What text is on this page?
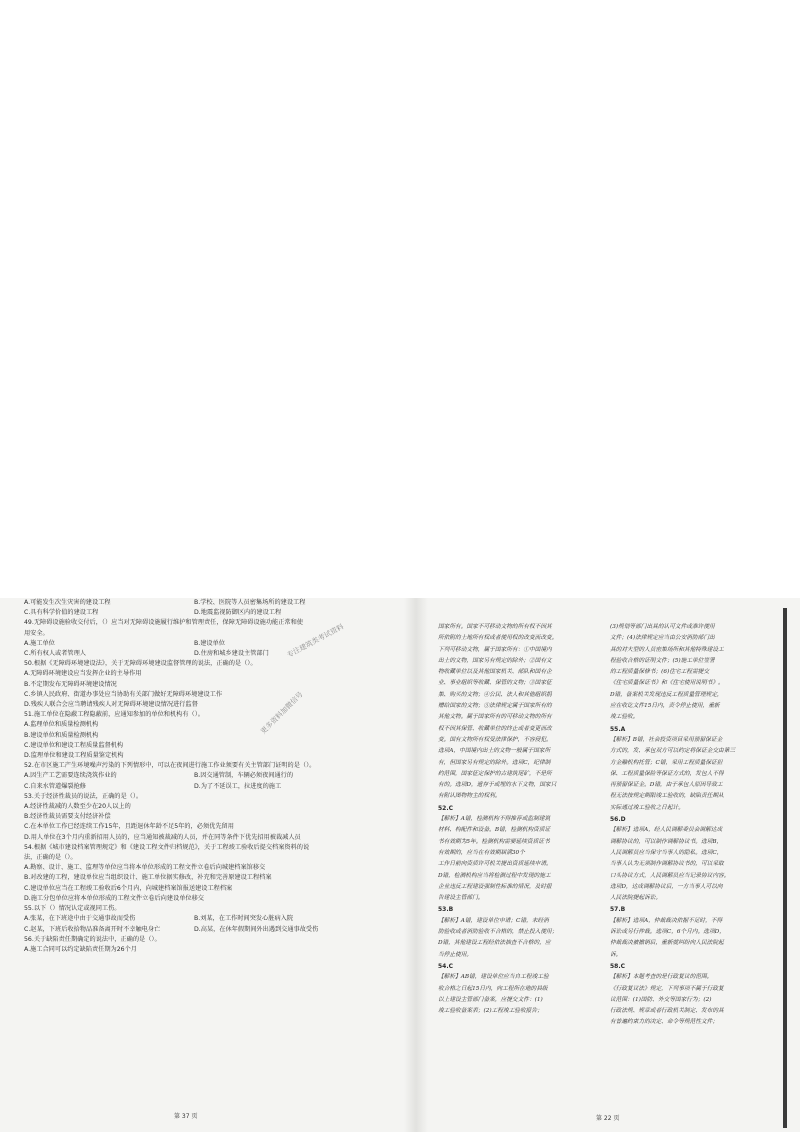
A.可能发生次生灾害的建设工程	B.学校、医院等人员密集场所的建设工程
C.具有科学价值的建设工程	D.地震监视防御区内的建设工程
49.无障碍设施验收交付后，（）应当对无障碍设施履行维护和管理责任，保障无障碍设施功能正常和使
用安全。
A.施工单位	B.建设单位
C.所有权人或者管理人	D.住房和城乡建设主管部门
50.根据《无障碍环境建设法》，关于无障碍环境建设监督管理的说法，正确的是（）。
A.无障碍环境建设应当发挥企业的主导作用
B.不定期发布无障碍环境建设情况
C.乡镇人民政府、街道办事处应当协助有关部门做好无障碍环境建设工作
D.残疾人联合会应当聘请残疾人对无障碍环境建设情况进行监督
51.施工单位在隐蔽工程隐蔽前，应通知参加的单位和机构有（）。
A.监理单位和质量检测机构
B.建设单位和质量检测机构
C.建设单位和建设工程质量监督机构
D.监理单位和建设工程质量鉴定机构
52.在市区施工产生环境噪声污染的下列情形中，可以在夜间进行施工作业须要有关主管部门证明的是（）。
A.因生产工艺需要连续浇筑作业的	B.因交通管制，车辆必须夜间通行的
C.自来水管道爆裂抢修	D.为了不延误工，拉进度的施工
53.关于经济性裁员的说法，正确的是（）。
A.经济性裁减的人数至少在20人以上的
B.经济性裁员需要支付经济补偿
C.在本单位工作已经连续工作15年，且距退休年龄不足5年的，必须优先留用
D.用人单位在3个月内重新招用人员的，应当通知被裁减的人员，并在同等条件下优先招用被裁减人员
54.根据《城市建设档案管理规定》和《建设工程文件归档规范》，关于工程竣工验收后提交档案资料的说
法，正确的是（）。
A.勘察、设计、施工、监理等单位应当将本单位形成的工程文件立卷后向城建档案馆移交
B.对改建的工程，建设单位应当组织设计、施工单位据实修改，补充和完善原建设工程档案
C.建设单位应当在工程竣工验收后6个月内，向城建档案馆报送建设工程档案
D.施工分包单位应将本单位形成的工程文件立卷后向建设单位移交
55.以下（）情况认定或视同工伤。
A.张某，在下班途中由于交通事故而受伤	B.刘某，在工作时间突发心脏病入院
C.赵某，下班后收拾物品准备离开时不幸触电身亡	D.高某，在休年假期间外出遇到交通事故受伤
56.关于缺陷责任期确定的说法中，正确的是（）。
A.施工合同可以约定缺陷责任期为26个月
更多资料加微信号
专注建筑类考试资料
第 37 页
国家所有。国家不可移动文物的所有权不因其
所依附的土地所有权或者使用权的改变而改变。
下列可移动文物，属于国家所有：①中国境内
出土的文物，国家另有规定的除外；②国有文
物收藏单位以及其他国家机关、部队和国有企
业、事业组织等收藏、保管的文物；③国家征
集、购买的文物；④公民、法人和其他组织捐
赠给国家的文物；⑤法律规定属于国家所有的
其他文物。属于国家所有的可移动文物的所有
权不因其保管、收藏单位的终止或者变更而改
变。国有文物所有权受法律保护，不容侵犯。
选项A，中国境内出土的文物一般属于国家所
有，但国家另有规定的除外。选项C，纪律制
约范围，国家征定保护的古建筑尾矿，不是所
有的。选项D，遗存于或埋的水下文物，国家只
有附认图物物主的权利。
52.C
【解析】A错，检测机构不得推荐或监制建筑
材料、构配件和设备。B错，检测机构资质证
书有效期为5年。检测机构需要延续资质证书
有效期的，应当在有效期届满30个
工作日前向资质许可机关提出资质延续申请。
D错，检测机构应当将检测过程中发现的施工
企业违反工程建设强制性标准的情况，及时报
告建设主管部门。
53.B
【解析】A错，建设单位申请；C错，未经消
防验收或者消防验收不合格的，禁止投入使用；
D错，其他建设工程经依法抽查不合格的，应
当停止使用。
54.C
【解析】AB错，建设单位应当自工程竣工验
收合格之日起15日内，向工程所在地的县级
以上建设主管部门备案，应提交文件：(1)
竣工验收备案表；(2)工程竣工验收报告；
(3)规划等部门出具的认可文件或准许使用
文件；(4)法律规定应当由公安消防部门出
具的对大型的人员密集场所和其他特殊建设工
程验收合格的证明文件；(5)施工单位签署
的工程质量保修书；(6)住宅工程需提交
《住宅质量保证书》和《住宅使用说明书》。
D错，备案机关发现违反工程质量管理规定，
应在收讫文件15日内，责令停止使用，重新
竣工验收。
55.A
【解析】B错，社会投资项目采用预留保证金
方式的，发、承包双方可以约定将保证金交由第三
方金融机构托管；C错，采用工程质量保证担
保、工程质量保险等保证方式的，发包人不得
再预留保证金。D错，由于承包人原因导致工
程无法按规定期限竣工验收的，缺陷责任期从
实际通过竣工验收之日起计。
56.D
【解析】选项A，经人民调解委员会调解达成
调解协议的，可以制作调解协议书。选项B，
人民调解员应当保守当事人的隐私。选项C，
当事人认为无须制作调解协议书的，可以采取
口头协议方式，人民调解员应当记录协议内容。
选项D，达成调解协议后，一方当事人可以向
人民法院提起诉讼。
57.B
【解析】选项A，仲裁裁决依据不足时，不得
诉讼或另行仲裁。选项C，6个月内。选项D，
仲裁裁决被撤销后，重新就纠纷向人民法院起
诉。
58.C
【解析】本题考查的是行政复议的范围。
《行政复议法》规定，下列事项不属于行政复
议范围：(1)国防、外交等国家行为；(2)
行政法规、规章或者行政机关制定、发布的具
有普遍约束力的决定、命令等规范性文件；
第 22 页
